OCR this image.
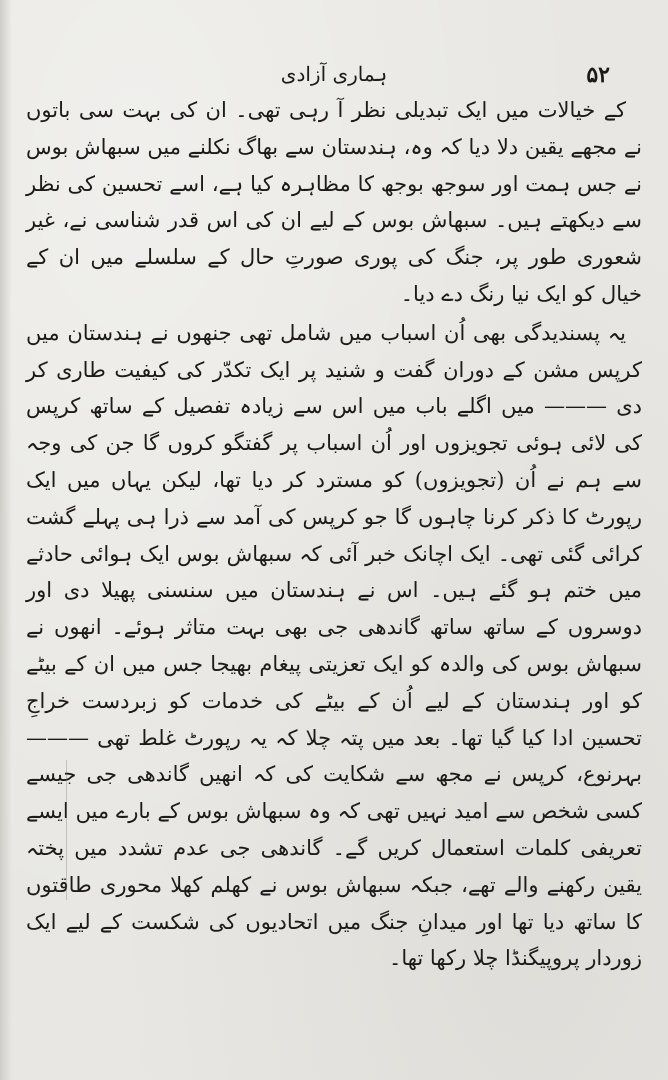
ہماری آزادی	۵۲

کے خیالات میں ایک تبدیلی نظر آ رہی تھی۔ ان کی بہت سی باتوں نے مجھے یقین دلا دیا کہ وہ، ہندستان سے بھاگ نکلنے میں سبھاش بوس نے جس ہمت اور سوجھ بوجھ کا مظاہرہ کیا ہے، اسے تحسین کی نظر سے دیکھتے ہیں۔ سبھاش بوس کے لیے ان کی اس قدر شناسی نے، غیر شعوری طور پر، جنگ کی پوری صورتِ حال کے سلسلے میں ان کے خیال کو ایک نیا رنگ دے دیا۔

یہ پسندیدگی بھی اُن اسباب میں شامل تھی جنھوں نے ہندستان میں کرپس مشن کے دوران گفت و شنید پر ایک تکدّر کی کیفیت طاری کر دی ——— میں اگلے باب میں اس سے زیادہ تفصیل کے ساتھ کرپس کی لائی ہوئی تجویزوں اور اُن اسباب پر گفتگو کروں گا جن کی وجہ سے ہم نے اُن (تجویزوں) کو مسترد کر دیا تھا، لیکن یہاں میں ایک رپورٹ کا ذکر کرنا چاہوں گا جو کرپس کی آمد سے ذرا ہی پہلے گشت کرائی گئی تھی۔ ایک اچانک خبر آئی کہ سبھاش بوس ایک ہوائی حادثے میں ختم ہو گئے ہیں۔ اس نے ہندستان میں سنسنی پھیلا دی اور دوسروں کے ساتھ ساتھ گاندھی جی بھی بہت متاثر ہوئے۔ انھوں نے سبھاش بوس کی والدہ کو ایک تعزیتی پیغام بھیجا جس میں ان کے بیٹے کو اور ہندستان کے لیے اُن کے بیٹے کی خدمات کو زبردست خراجِ تحسین ادا کیا گیا تھا۔ بعد میں پتہ چلا کہ یہ رپورٹ غلط تھی ——— بہرنوع، کرپس نے مجھ سے شکایت کی کہ انھیں گاندھی جی جیسے کسی شخص سے امید نہیں تھی کہ وہ سبھاش بوس کے بارے میں ایسے تعریفی کلمات استعمال کریں گے۔ گاندھی جی عدم تشدد میں پختہ یقین رکھنے والے تھے، جبکہ سبھاش بوس نے کھلم کھلا محوری طاقتوں کا ساتھ دیا تھا اور میدانِ جنگ میں اتحادیوں کی شکست کے لیے ایک زوردار پروپیگنڈا چلا رکھا تھا۔
